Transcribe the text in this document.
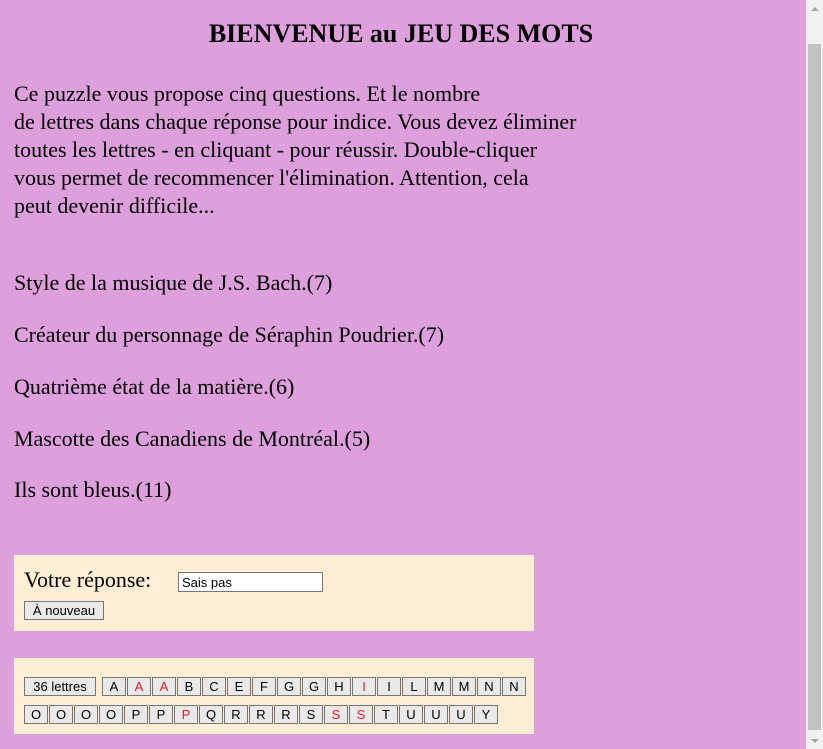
BIENVENUE au JEU DES MOTS

Ce puzzle vous propose cinq questions. Et le nombre
de lettres dans chaque réponse pour indice. Vous devez éliminer
toutes les lettres - en cliquant - pour réussir. Double-cliquer
vous permet de recommencer l'élimination. Attention, cela
peut devenir difficile...

Style de la musique de J.S. Bach.(7)

Créateur du personnage de Séraphin Poudrier.(7)

Quatrième état de la matière.(6)

Mascotte des Canadiens de Montréal.(5)

Ils sont bleus.(11)

Votre réponse:
Sais pas
À nouveau
36 lettres	A	A	A	B	C	E	F	G	G	H	I	I	L	M	M	N	N
O	O	O	O	P	P	P	Q	R	R	R	S	S	S	T	U	U	U	Y
